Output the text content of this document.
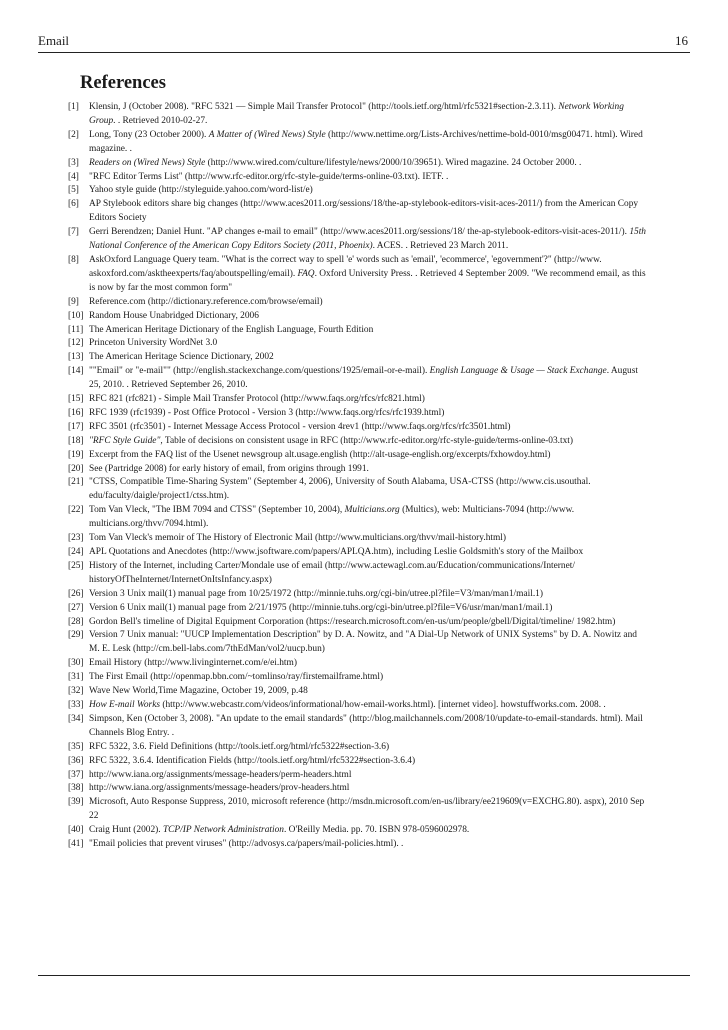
Email	16
References
[1] Klensin, J (October 2008). "RFC 5321 — Simple Mail Transfer Protocol" (http://tools.ietf.org/html/rfc5321#section-2.3.11). Network Working Group. . Retrieved 2010-02-27.
[2] Long, Tony (23 October 2000). A Matter of (Wired News) Style (http://www.nettime.org/Lists-Archives/nettime-bold-0010/msg00471. html). Wired magazine. .
[3] Readers on (Wired News) Style (http://www.wired.com/culture/lifestyle/news/2000/10/39651). Wired magazine. 24 October 2000. .
[4] "RFC Editor Terms List" (http://www.rfc-editor.org/rfc-style-guide/terms-online-03.txt). IETF. .
[5] Yahoo style guide (http://styleguide.yahoo.com/word-list/e)
[6] AP Stylebook editors share big changes (http://www.aces2011.org/sessions/18/the-ap-stylebook-editors-visit-aces-2011/) from the American Copy Editors Society
[7] Gerri Berendzen; Daniel Hunt. "AP changes e-mail to email" (http://www.aces2011.org/sessions/18/ the-ap-stylebook-editors-visit-aces-2011/). 15th National Conference of the American Copy Editors Society (2011, Phoenix). ACES. . Retrieved 23 March 2011.
[8] AskOxford Language Query team. "What is the correct way to spell 'e' words such as 'email', 'ecommerce', 'egovernment'?" (http://www. askoxford.com/asktheexperts/faq/aboutspelling/email). FAQ. Oxford University Press. . Retrieved 4 September 2009. "We recommend email, as this is now by far the most common form"
[9] Reference.com (http://dictionary.reference.com/browse/email)
[10] Random House Unabridged Dictionary, 2006
[11] The American Heritage Dictionary of the English Language, Fourth Edition
[12] Princeton University WordNet 3.0
[13] The American Heritage Science Dictionary, 2002
[14] ""Email" or "e-mail"" (http://english.stackexchange.com/questions/1925/email-or-e-mail). English Language & Usage — Stack Exchange. August 25, 2010. . Retrieved September 26, 2010.
[15] RFC 821 (rfc821) - Simple Mail Transfer Protocol (http://www.faqs.org/rfcs/rfc821.html)
[16] RFC 1939 (rfc1939) - Post Office Protocol - Version 3 (http://www.faqs.org/rfcs/rfc1939.html)
[17] RFC 3501 (rfc3501) - Internet Message Access Protocol - version 4rev1 (http://www.faqs.org/rfcs/rfc3501.html)
[18] "RFC Style Guide", Table of decisions on consistent usage in RFC (http://www.rfc-editor.org/rfc-style-guide/terms-online-03.txt)
[19] Excerpt from the FAQ list of the Usenet newsgroup alt.usage.english (http://alt-usage-english.org/excerpts/fxhowdoy.html)
[20] See (Partridge 2008) for early history of email, from origins through 1991.
[21] "CTSS, Compatible Time-Sharing System" (September 4, 2006), University of South Alabama, USA-CTSS (http://www.cis.usouthal. edu/faculty/daigle/project1/ctss.htm).
[22] Tom Van Vleck, "The IBM 7094 and CTSS" (September 10, 2004), Multicians.org (Multics), web: Multicians-7094 (http://www. multicians.org/thvv/7094.html).
[23] Tom Van Vleck's memoir of The History of Electronic Mail (http://www.multicians.org/thvv/mail-history.html)
[24] APL Quotations and Anecdotes (http://www.jsoftware.com/papers/APLQA.htm), including Leslie Goldsmith's story of the Mailbox
[25] History of the Internet, including Carter/Mondale use of email (http://www.actewagl.com.au/Education/communications/Internet/ historyOfTheInternet/InternetOnItsInfancy.aspx)
[26] Version 3 Unix mail(1) manual page from 10/25/1972 (http://minnie.tuhs.org/cgi-bin/utree.pl?file=V3/man/man1/mail.1)
[27] Version 6 Unix mail(1) manual page from 2/21/1975 (http://minnie.tuhs.org/cgi-bin/utree.pl?file=V6/usr/man/man1/mail.1)
[28] Gordon Bell's timeline of Digital Equipment Corporation (https://research.microsoft.com/en-us/um/people/gbell/Digital/timeline/ 1982.htm)
[29] Version 7 Unix manual: "UUCP Implementation Description" by D. A. Nowitz, and "A Dial-Up Network of UNIX Systems" by D. A. Nowitz and M. E. Lesk (http://cm.bell-labs.com/7thEdMan/vol2/uucp.bun)
[30] Email History (http://www.livinginternet.com/e/ei.htm)
[31] The First Email (http://openmap.bbn.com/~tomlinso/ray/firstemailframe.html)
[32] Wave New World,Time Magazine, October 19, 2009, p.48
[33] How E-mail Works (http://www.webcastr.com/videos/informational/how-email-works.html). [internet video]. howstuffworks.com. 2008. .
[34] Simpson, Ken (October 3, 2008). "An update to the email standards" (http://blog.mailchannels.com/2008/10/update-to-email-standards. html). Mail Channels Blog Entry. .
[35] RFC 5322, 3.6. Field Definitions (http://tools.ietf.org/html/rfc5322#section-3.6)
[36] RFC 5322, 3.6.4. Identification Fields (http://tools.ietf.org/html/rfc5322#section-3.6.4)
[37] http://www.iana.org/assignments/message-headers/perm-headers.html
[38] http://www.iana.org/assignments/message-headers/prov-headers.html
[39] Microsoft, Auto Response Suppress, 2010, microsoft reference (http://msdn.microsoft.com/en-us/library/ee219609(v=EXCHG.80). aspx), 2010 Sep 22
[40] Craig Hunt (2002). TCP/IP Network Administration. O'Reilly Media. pp. 70. ISBN 978-0596002978.
[41] "Email policies that prevent viruses" (http://advosys.ca/papers/mail-policies.html). .
